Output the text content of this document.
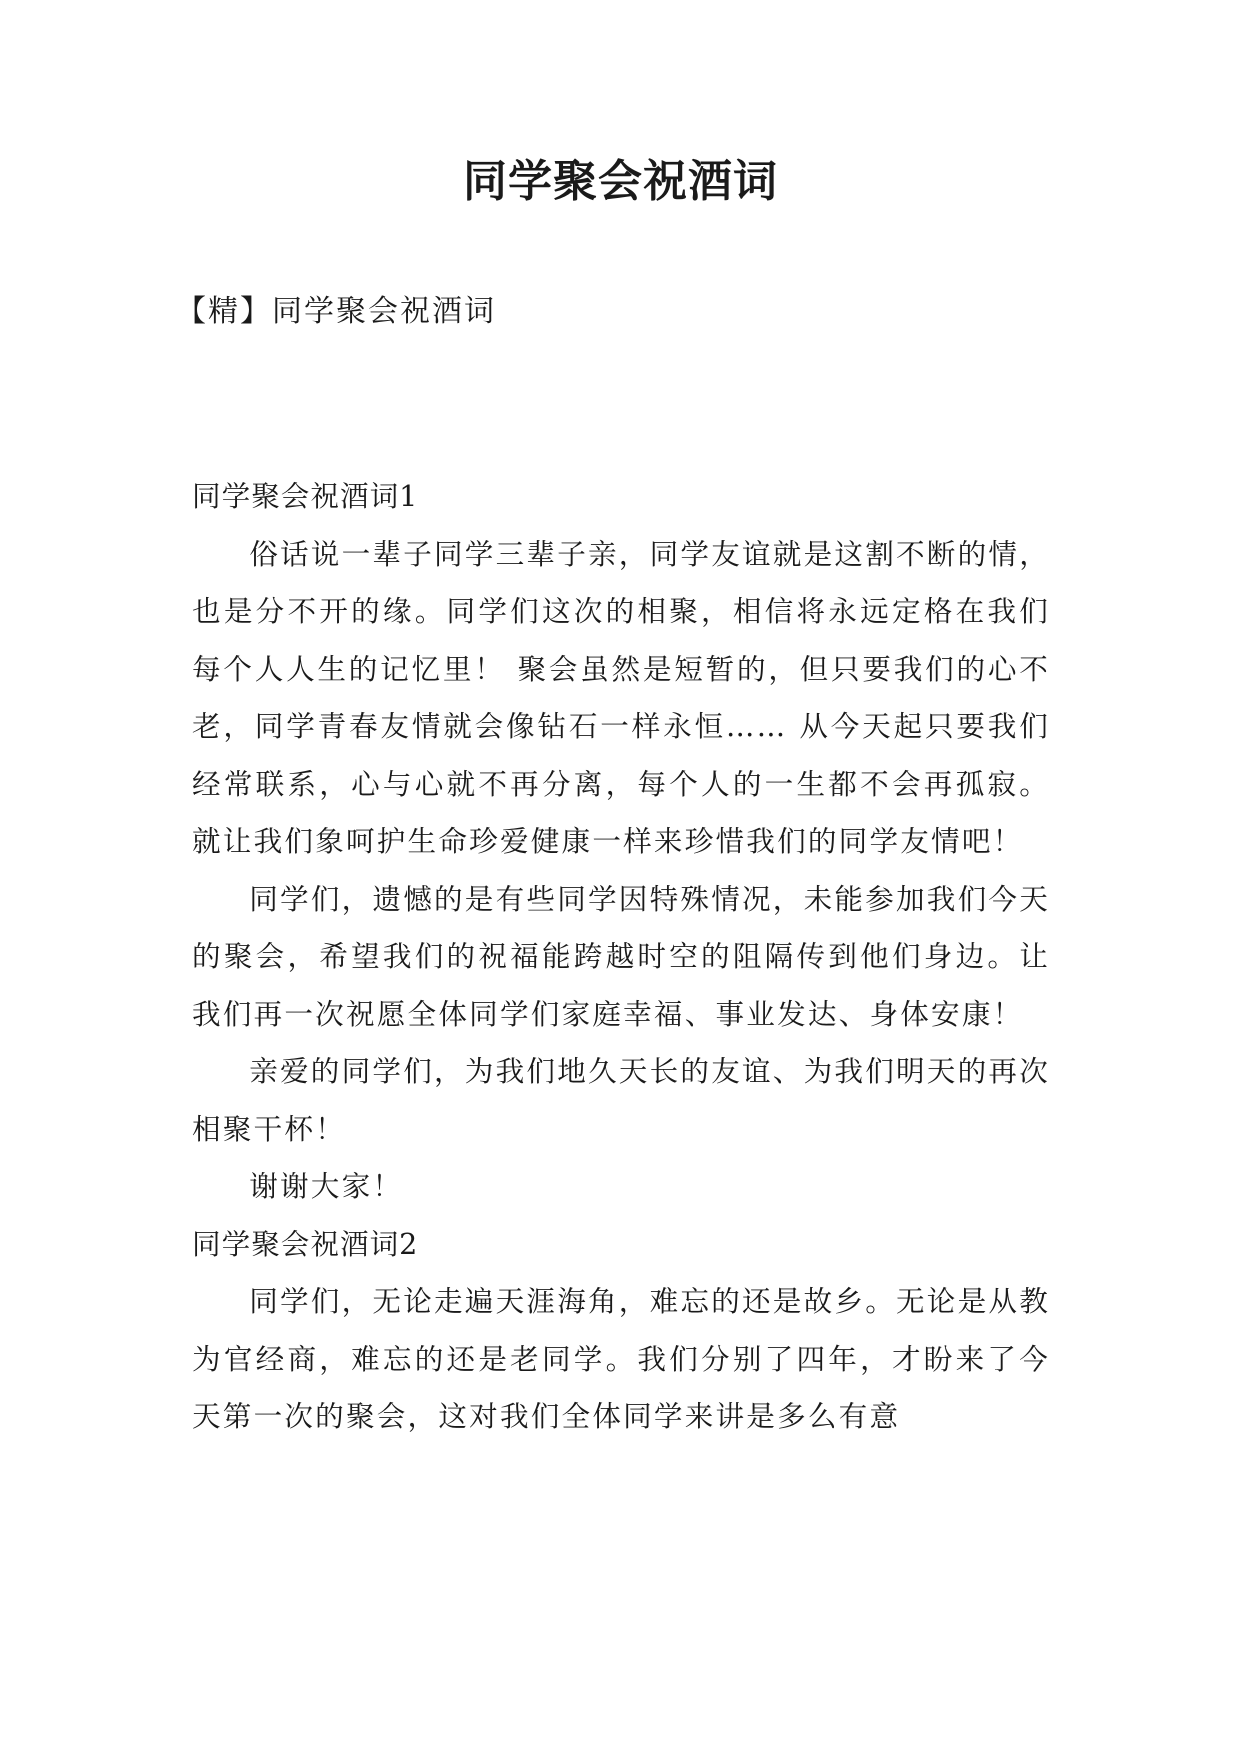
同学聚会祝酒词
【精】同学聚会祝酒词

同学聚会祝酒词1

俗话说一辈子同学三辈子亲，同学友谊就是这割不断的情，也是分不开的缘。同学们这次的相聚，相信将永远定格在我们每个人人生的记忆里！ 聚会虽然是短暂的，但只要我们的心不老，同学青春友情就会像钻石一样永恒…… 从今天起只要我们经常联系，心与心就不再分离，每个人的一生都不会再孤寂。就让我们象呵护生命珍爱健康一样来珍惜我们的同学友情吧！

同学们，遗憾的是有些同学因特殊情况，未能参加我们今天的聚会，希望我们的祝福能跨越时空的阻隔传到他们身边。让我们再一次祝愿全体同学们家庭幸福、事业发达、身体安康！

亲爱的同学们，为我们地久天长的友谊、为我们明天的再次相聚干杯！

谢谢大家！

同学聚会祝酒词2

同学们，无论走遍天涯海角，难忘的还是故乡。无论是从教为官经商，难忘的还是老同学。我们分别了四年，才盼来了今天第一次的聚会，这对我们全体同学来讲是多么有意
